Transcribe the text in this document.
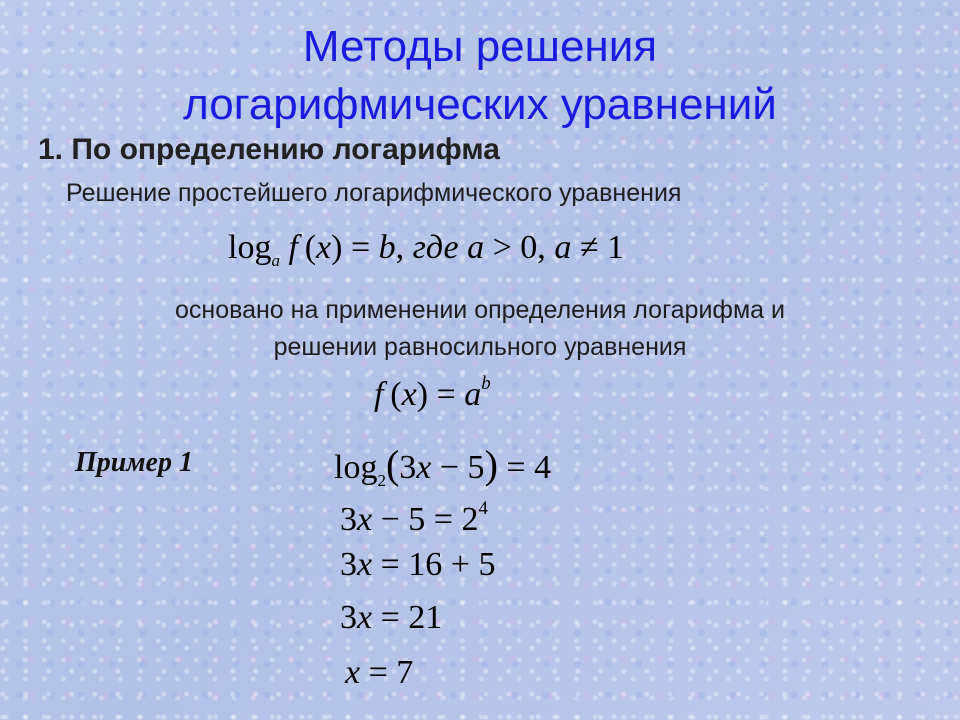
Методы решения
логарифмических уравнений
1. По определению логарифма
Решение простейшего логарифмического уравнения
$\log_a f$ (x) = b, где a > 0, a ≠ 1
основано на применении определения логарифма и
решении равносильного уравнения
f $(x) = a^b$
Пример 1	$\log_2(3x - 5) = 4$
$3x - 5 = 2^4$
3x = 16 + 5
3x = 21
x = 7
